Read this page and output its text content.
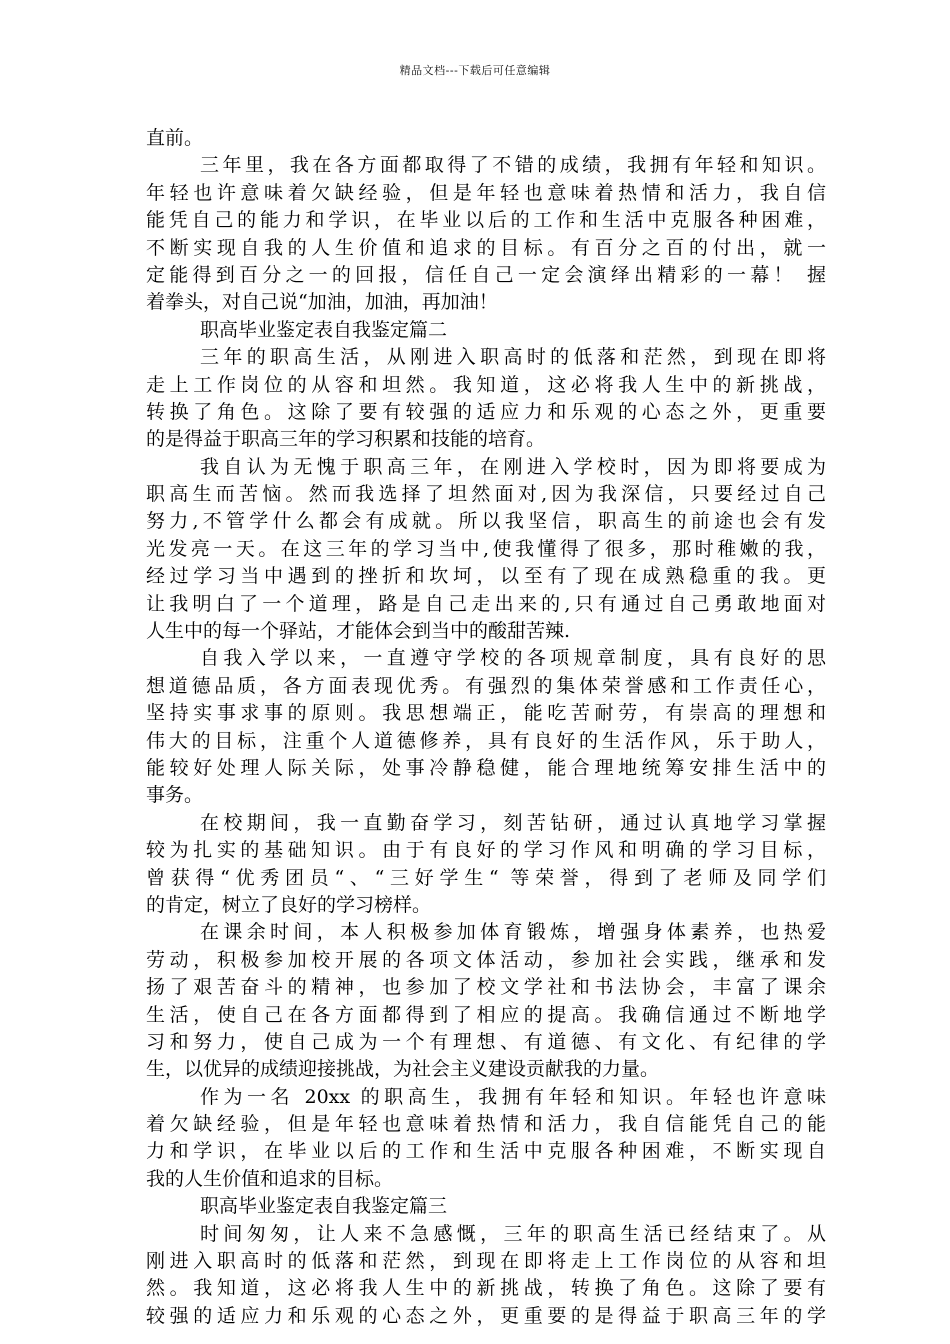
精品文档---下载后可任意编辑
直前。
三年里，我在各方面都取得了不错的成绩，我拥有年轻和知识。
年轻也许意味着欠缺经验，但是年轻也意味着热情和活力，我自信
能凭自己的能力和学识，在毕业以后的工作和生活中克服各种困难，
不断实现自我的人生价值和追求的目标。有百分之百的付出，就一
定能得到百分之一的回报，信任自己一定会演绎出精彩的一幕！ 握
着拳头，对自己说“加油，加油，再加油！
职高毕业鉴定表自我鉴定篇二
三年的职高生活，从刚进入职高时的低落和茫然，到现在即将
走上工作岗位的从容和坦然。我知道，这必将我人生中的新挑战，
转换了角色。这除了要有较强的适应力和乐观的心态之外，更重要
的是得益于职高三年的学习积累和技能的培育。
我自认为无愧于职高三年，在刚进入学校时，因为即将要成为
职高生而苦恼。然而我选择了坦然面对,因为我深信，只要经过自己
努力,不管学什么都会有成就。所以我坚信，职高生的前途也会有发
光发亮一天。在这三年的学习当中,使我懂得了很多，那时稚嫩的我，
经过学习当中遇到的挫折和坎坷，以至有了现在成熟稳重的我。更
让我明白了一个道理，路是自己走出来的,只有通过自己勇敢地面对
人生中的每一个驿站，才能体会到当中的酸甜苦辣.
自我入学以来，一直遵守学校的各项规章制度，具有良好的思
想道德品质，各方面表现优秀。有强烈的集体荣誉感和工作责任心，
坚持实事求事的原则。我思想端正，能吃苦耐劳，有崇高的理想和
伟大的目标，注重个人道德修养，具有良好的生活作风，乐于助人，
能较好处理人际关际，处事冷静稳健，能合理地统筹安排生活中的
事务。
在校期间，我一直勤奋学习，刻苦钻研，通过认真地学习掌握
较为扎实的基础知识。由于有良好的学习作风和明确的学习目标，
曾获得“优秀团员“、“三好学生“ 等荣誉，得到了老师及同学们
的肯定，树立了良好的学习榜样。
在课余时间，本人积极参加体育锻炼，增强身体素养，也热爱
劳动，积极参加校开展的各项文体活动，参加社会实践，继承和发
扬了艰苦奋斗的精神，也参加了校文学社和书法协会，丰富了课余
生活，使自己在各方面都得到了相应的提高。我确信通过不断地学
习和努力，使自己成为一个有理想、有道德、有文化、有纪律的学
生，以优异的成绩迎接挑战，为社会主义建设贡献我的力量。
作为一名 20xx 的职高生，我拥有年轻和知识。年轻也许意味
着欠缺经验，但是年轻也意味着热情和活力，我自信能凭自己的能
力和学识，在毕业以后的工作和生活中克服各种困难，不断实现自
我的人生价值和追求的目标。
职高毕业鉴定表自我鉴定篇三
时间匆匆，让人来不急感慨，三年的职高生活已经结束了。从
刚进入职高时的低落和茫然，到现在即将走上工作岗位的从容和坦
然。我知道，这必将我人生中的新挑战，转换了角色。这除了要有
较强的适应力和乐观的心态之外，更重要的是得益于职高三年的学
